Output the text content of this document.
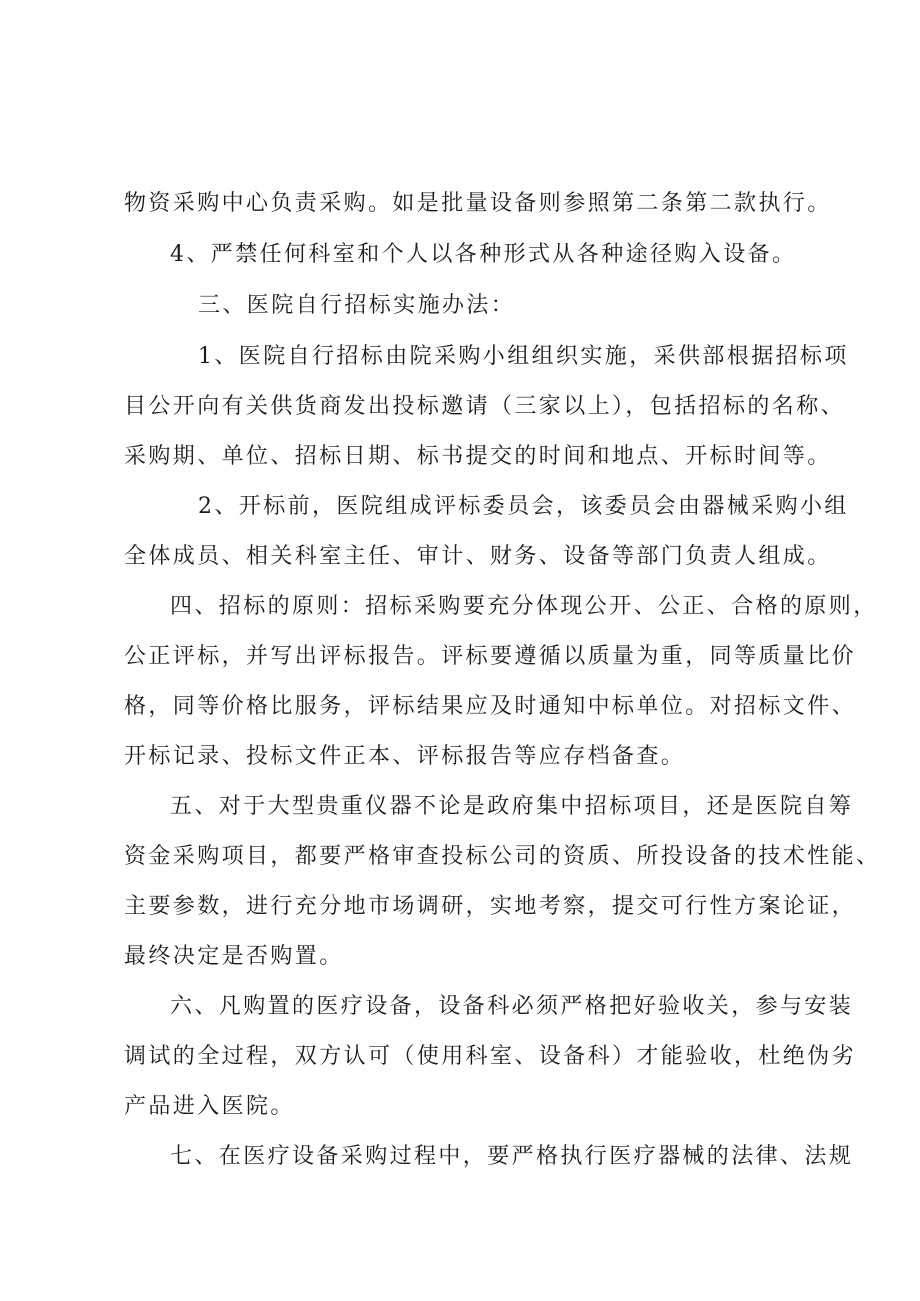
物资采购中心负责采购。如是批量设备则参照第二条第二款执行。
4、严禁任何科室和个人以各种形式从各种途径购入设备。
三、医院自行招标实施办法：
1、医院自行招标由院采购小组组织实施，采供部根据招标项
目公开向有关供货商发出投标邀请（三家以上），包括招标的名称、
采购期、单位、招标日期、标书提交的时间和地点、开标时间等。
2、开标前，医院组成评标委员会，该委员会由器械采购小组
全体成员、相关科室主任、审计、财务、设备等部门负责人组成。
四、招标的原则：招标采购要充分体现公开、公正、合格的原则，
公正评标，并写出评标报告。评标要遵循以质量为重，同等质量比价
格，同等价格比服务，评标结果应及时通知中标单位。对招标文件、
开标记录、投标文件正本、评标报告等应存档备查。
五、对于大型贵重仪器不论是政府集中招标项目，还是医院自筹
资金采购项目，都要严格审查投标公司的资质、所投设备的技术性能、
主要参数，进行充分地市场调研，实地考察，提交可行性方案论证，
最终决定是否购置。
六、凡购置的医疗设备，设备科必须严格把好验收关，参与安装
调试的全过程，双方认可（使用科室、设备科）才能验收，杜绝伪劣
产品进入医院。
七、在医疗设备采购过程中，要严格执行医疗器械的法律、法规
